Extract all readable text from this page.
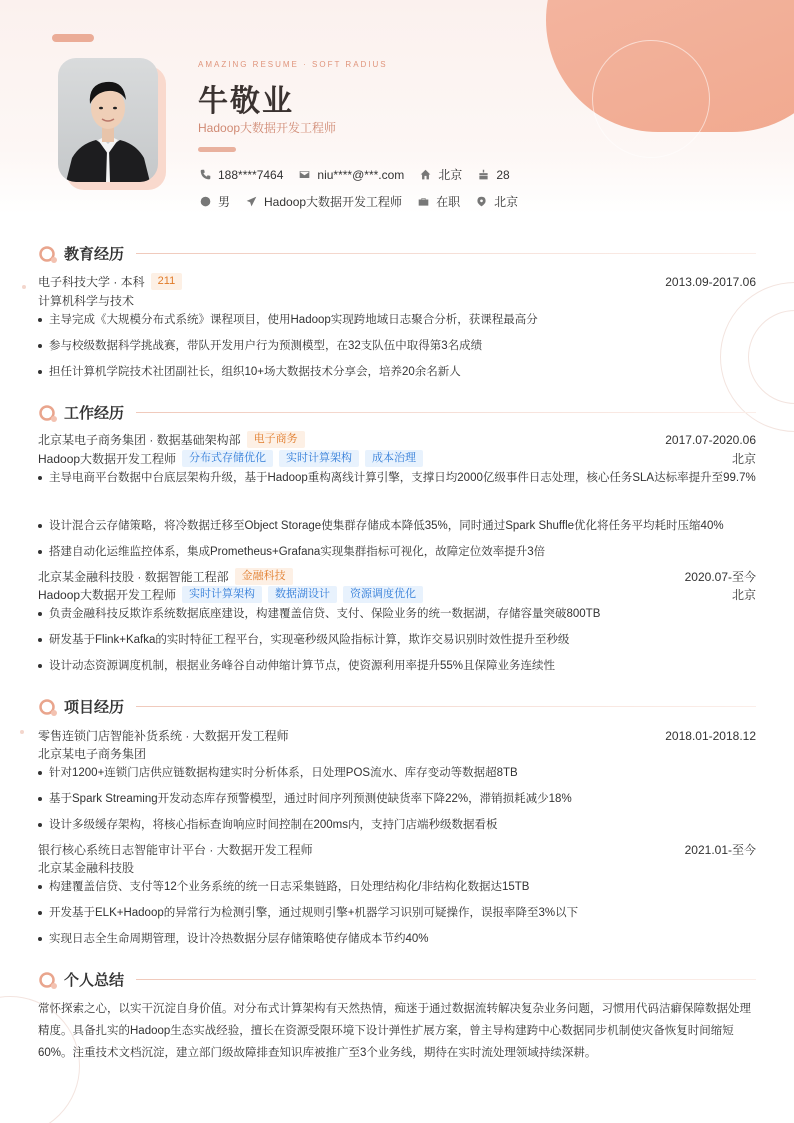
AMAZING RESUME · SOFT RADIUS
牛敬业
Hadoop大数据开发工程师
188****7464	niu****@***.com	北京	28
男	Hadoop大数据开发工程师	在职	北京
教育经历
电子科技大学 · 本科	211	2013.09-2017.06
计算机科学与技术
主导完成《大规模分布式系统》课程项目，使用Hadoop实现跨地域日志聚合分析，获课程最高分
参与校级数据科学挑战赛，带队开发用户行为预测模型，在32支队伍中取得第3名成绩
担任计算机学院技术社团副社长，组织10+场大数据技术分享会，培养20余名新人
工作经历
北京某电子商务集团 · 数据基础架构部	电子商务	2017.07-2020.06
Hadoop大数据开发工程师	分布式存储优化	实时计算架构	成本治理	北京
主导电商平台数据中台底层架构升级，基于Hadoop重构离线计算引擎，支撑日均2000亿级事件日志处理，核心任务SLA达标率提升至99.7%
设计混合云存储策略，将冷数据迁移至Object Storage使集群存储成本降低35%，同时通过Spark Shuffle优化将任务平均耗时压缩40%
搭建自动化运维监控体系，集成Prometheus+Grafana实现集群指标可视化，故障定位效率提升3倍
北京某金融科技股 · 数据智能工程部	金融科技	2020.07-至今
Hadoop大数据开发工程师	实时计算架构	数据湖设计	资源调度优化	北京
负责金融科技反欺诈系统数据底座建设，构建覆盖信贷、支付、保险业务的统一数据湖，存储容量突破800TB
研发基于Flink+Kafka的实时特征工程平台，实现毫秒级风险指标计算，欺诈交易识别时效性提升至秒级
设计动态资源调度机制，根据业务峰谷自动伸缩计算节点，使资源利用率提升55%且保障业务连续性
项目经历
零售连锁门店智能补货系统 · 大数据开发工程师	2018.01-2018.12
北京某电子商务集团
针对1200+连锁门店供应链数据构建实时分析体系，日处理POS流水、库存变动等数据超8TB
基于Spark Streaming开发动态库存预警模型，通过时间序列预测使缺货率下降22%，滞销损耗减少18%
设计多级缓存架构，将核心指标查询响应时间控制在200ms内，支持门店端秒级数据看板
银行核心系统日志智能审计平台 · 大数据开发工程师	2021.01-至今
北京某金融科技股
构建覆盖信贷、支付等12个业务系统的统一日志采集链路，日处理结构化/非结构化数据达15TB
开发基于ELK+Hadoop的异常行为检测引擎，通过规则引擎+机器学习识别可疑操作，误报率降至3%以下
实现日志全生命周期管理，设计冷热数据分层存储策略使存储成本节约40%
个人总结
常怀探索之心，以实干沉淀自身价值。对分布式计算架构有天然热情，痴迷于通过数据流转解决复杂业务问题，习惯用代码洁癖保障数据处理精度。具备扎实的Hadoop生态实战经验，擅长在资源受限环境下设计弹性扩展方案，曾主导构建跨中心数据同步机制使灾备恢复时间缩短60%。注重技术文档沉淀，建立部门级故障排查知识库被推广至3个业务线，期待在实时流处理领域持续深耕。
